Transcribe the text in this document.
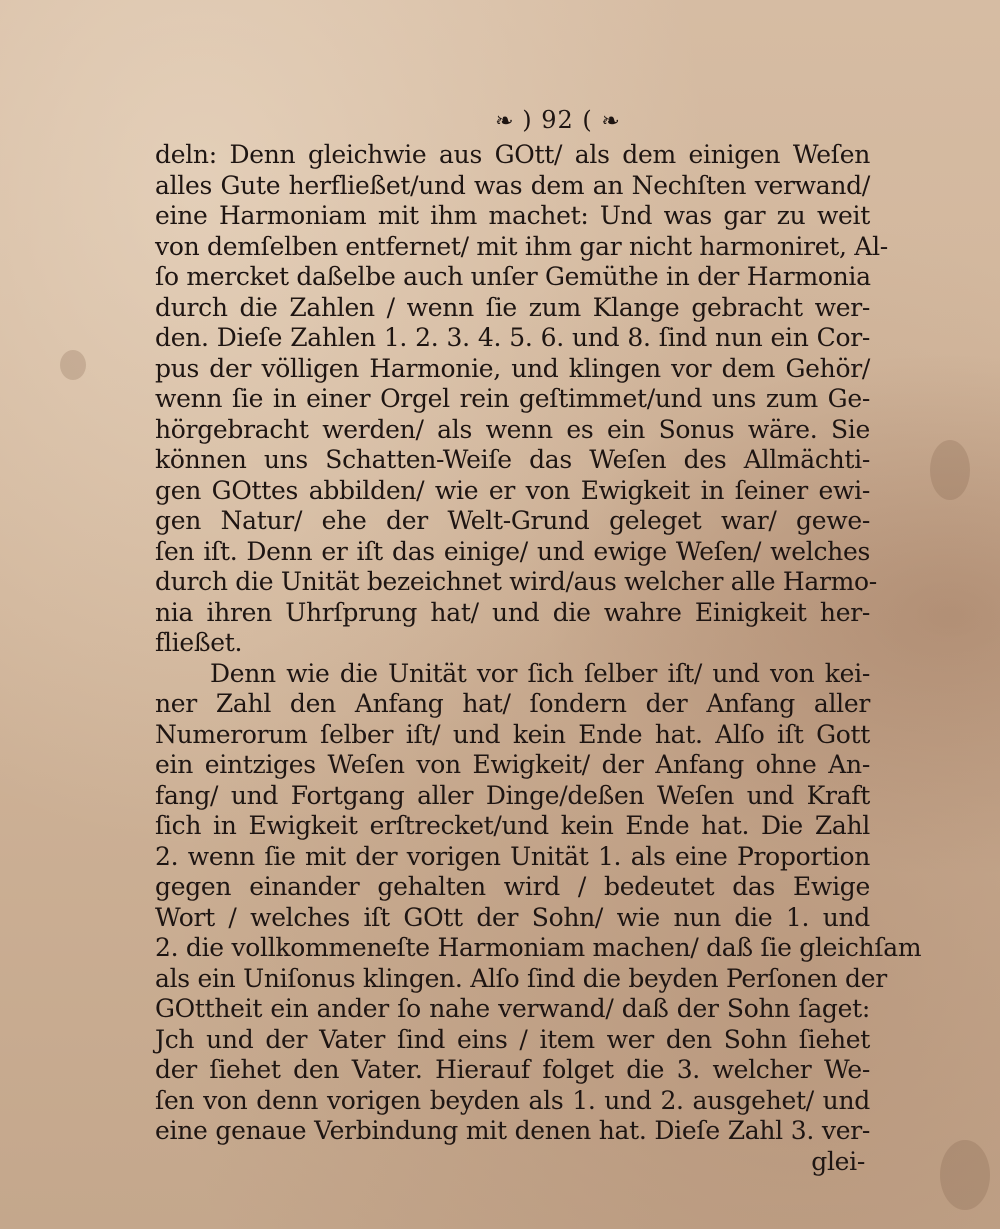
❧ ) 92 ( ❧
deln: Denn gleichwie aus GOtt/ als dem einigen Weſen
alles Gute herfließet/und was dem an Nechſten verwand/
eine Harmoniam mit ihm machet: Und was gar zu weit
von demſelben entfernet/ mit ihm gar nicht harmoniret, Al-
ſo mercket daßelbe auch unſer Gemüthe in der Harmonia
durch die Zahlen / wenn ſie zum Klange gebracht wer-
den. Dieſe Zahlen 1. 2. 3. 4. 5. 6. und 8. ſind nun ein Cor-
pus der völligen Harmonie, und klingen vor dem Gehör/
wenn ſie in einer Orgel rein geſtimmet/und uns zum Ge-
hörgebracht werden/ als wenn es ein Sonus wäre. Sie
können uns Schatten-Weiſe das Weſen des Allmächti-
gen GOttes abbilden/ wie er von Ewigkeit in ſeiner ewi-
gen Natur/ ehe der Welt-Grund geleget war/ gewe-
ſen iſt. Denn er iſt das einige/ und ewige Weſen/ welches
durch die Unität bezeichnet wird/aus welcher alle Harmo-
nia ihren Uhrſprung hat/ und die wahre Einigkeit her-
fließet.
Denn wie die Unität vor ſich ſelber iſt/ und von kei-
ner Zahl den Anfang hat/ ſondern der Anfang aller
Numerorum ſelber iſt/ und kein Ende hat. Alſo iſt Gott
ein eintziges Weſen von Ewigkeit/ der Anfang ohne An-
fang/ und Fortgang aller Dinge/deßen Weſen und Kraft
ſich in Ewigkeit erſtrecket/und kein Ende hat. Die Zahl
2. wenn ſie mit der vorigen Unität 1. als eine Proportion
gegen einander gehalten wird / bedeutet das Ewige
Wort / welches iſt GOtt der Sohn/ wie nun die 1. und
2. die vollkommeneſte Harmoniam machen/ daß ſie gleichſam
als ein Uniſonus klingen. Alſo ſind die beyden Perſonen der
GOttheit ein ander ſo nahe verwand/ daß der Sohn ſaget:
Jch und der Vater ſind eins / item wer den Sohn ſiehet
der ſiehet den Vater. Hierauf folget die 3. welcher We-
ſen von denn vorigen beyden als 1. und 2. ausgehet/ und
eine genaue Verbindung mit denen hat. Dieſe Zahl 3. ver-
glei-
